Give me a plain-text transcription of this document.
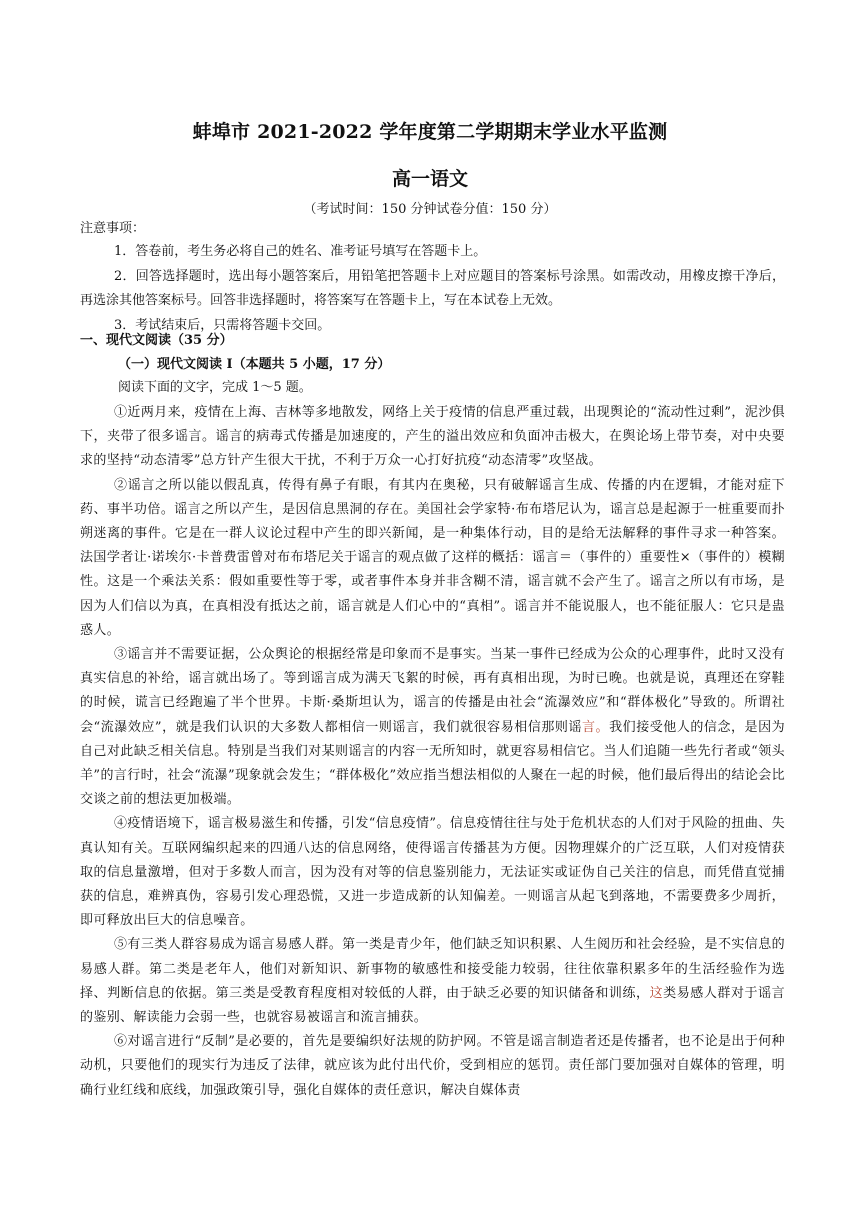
蚌埠市 2021-2022 学年度第二学期期末学业水平监测
高一语文
（考试时间：150 分钟试卷分值：150 分）
注意事项：

1．答卷前，考生务必将自己的姓名、准考证号填写在答题卡上。

2．回答选择题时，选出每小题答案后，用铅笔把答题卡上对应题目的答案标号涂黑。如需改动，用橡皮擦干净后，再选涂其他答案标号。回答非选择题时，将答案写在答题卡上，写在本试卷上无效。

3．考试结束后，只需将答题卡交回。

一、现代文阅读（35 分）
（一）现代文阅读 I（本题共 5 小题，17 分）
阅读下面的文字，完成 1～5 题。

①近两月来，疫情在上海、吉林等多地散发，网络上关于疫情的信息严重过载，出现舆论的“流动性过剩”，泥沙俱下，夹带了很多谣言。谣言的病毒式传播是加速度的，产生的溢出效应和负面冲击极大，在舆论场上带节奏，对中央要求的坚持“动态清零”总方针产生很大干扰，不利于万众一心打好抗疫“动态清零”攻坚战。

②谣言之所以能以假乱真，传得有鼻子有眼，有其内在奥秘，只有破解谣言生成、传播的内在逻辑，才能对症下药、事半功倍。谣言之所以产生，是因信息黑洞的存在。美国社会学家特·布布塔尼认为，谣言总是起源于一桩重要而扑朔迷离的事件。它是在一群人议论过程中产生的即兴新闻，是一种集体行动，目的是给无法解释的事件寻求一种答案。法国学者让·诺埃尔·卡普费雷曾对布布塔尼关于谣言的观点做了这样的概括：谣言＝（事件的）重要性×（事件的）模糊性。这是一个乘法关系：假如重要性等于零，或者事件本身并非含糊不清，谣言就不会产生了。谣言之所以有市场，是因为人们信以为真，在真相没有抵达之前，谣言就是人们心中的“真相”。谣言并不能说服人，也不能征服人：它只是蛊惑人。

③谣言并不需要证据，公众舆论的根据经常是印象而不是事实。当某一事件已经成为公众的心理事件，此时又没有真实信息的补给，谣言就出场了。等到谣言成为满天飞絮的时候，再有真相出现，为时已晚。也就是说，真理还在穿鞋的时候，谎言已经跑遍了半个世界。卡斯·桑斯坦认为，谣言的传播是由社会“流瀑效应”和“群体极化”导致的。所谓社会“流瀑效应”，就是我们认识的大多数人都相信一则谣言，我们就很容易相信那则谣言。我们接受他人的信念，是因为自己对此缺乏相关信息。特别是当我们对某则谣言的内容一无所知时，就更容易相信它。当人们追随一些先行者或“领头羊”的言行时，社会“流瀑”现象就会发生；“群体极化”效应指当想法相似的人聚在一起的时候，他们最后得出的结论会比交谈之前的想法更加极端。

④疫情语境下，谣言极易滋生和传播，引发“信息疫情”。信息疫情往往与处于危机状态的人们对于风险的扭曲、失真认知有关。互联网编织起来的四通八达的信息网络，使得谣言传播甚为方便。因物理媒介的广泛互联，人们对疫情获取的信息量激增，但对于多数人而言，因为没有对等的信息鉴别能力，无法证实或证伪自己关注的信息，而凭借直觉捕获的信息，难辨真伪，容易引发心理恐慌，又进一步造成新的认知偏差。一则谣言从起飞到落地，不需要费多少周折，即可释放出巨大的信息噪音。

⑤有三类人群容易成为谣言易感人群。第一类是青少年，他们缺乏知识积累、人生阅历和社会经验，是不实信息的易感人群。第二类是老年人，他们对新知识、新事物的敏感性和接受能力较弱，往往依靠积累多年的生活经验作为选择、判断信息的依据。第三类是受教育程度相对较低的人群，由于缺乏必要的知识储备和训练，这类易感人群对于谣言的鉴别、解读能力会弱一些，也就容易被谣言和流言捕获。

⑥对谣言进行“反制”是必要的，首先是要编织好法规的防护网。不管是谣言制造者还是传播者，也不论是出于何种动机，只要他们的现实行为违反了法律，就应该为此付出代价，受到相应的惩罚。责任部门要加强对自媒体的管理，明确行业红线和底线，加强政策引导，强化自媒体的责任意识，解决自媒体责
